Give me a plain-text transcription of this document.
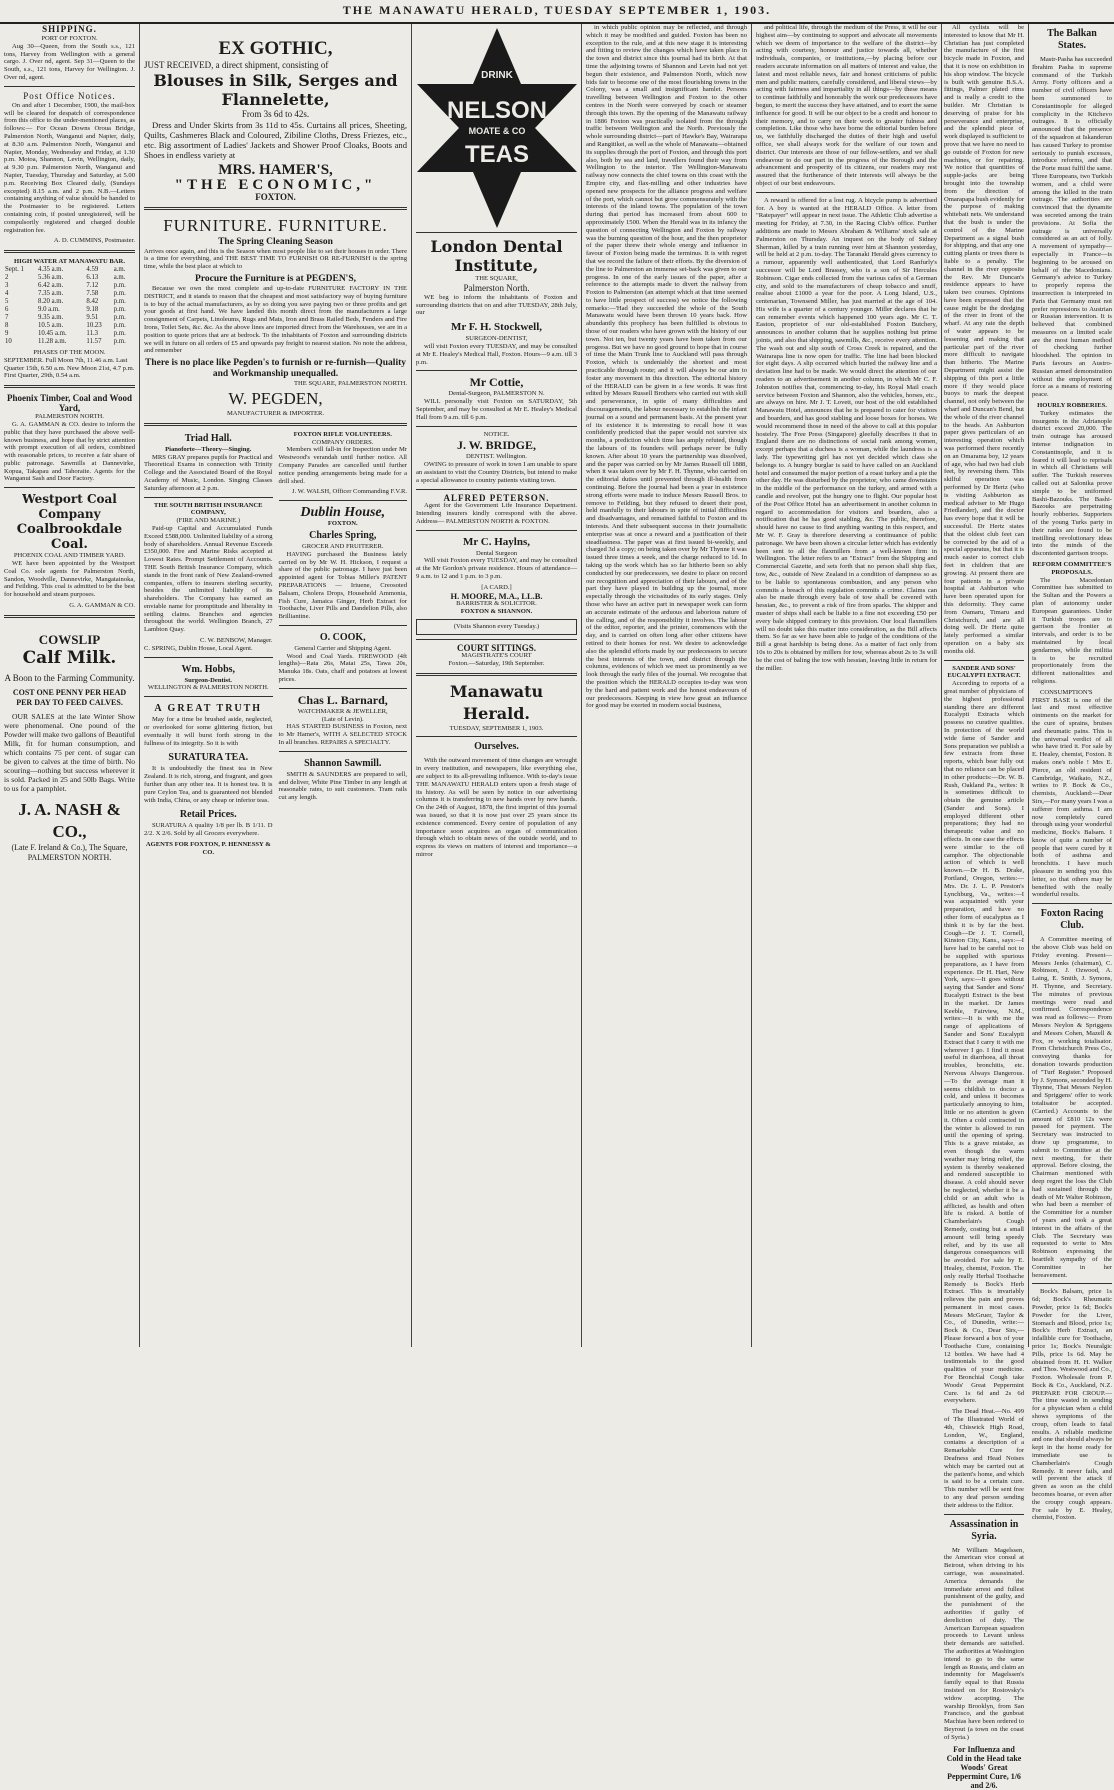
THE MANAWATU HERALD, TUESDAY SEPTEMBER 1, 1903.
SHIPPING.
PORT OF FOXTON.
Aug 30—Queen, from the South s.s., 121 tons, Harvey from Wellington with a general cargo. J. Over nd, agent. Sep 31—Queen to the South, s.s., 121 tons, Harvey for Wellington. J. Over nd, agent.
Post Office Notices.
On and after 1 December, 1900, the mail-box will be cleared for despatch of correspondence from this office to the under-mentioned places, as follows:— For Ocean Downs Oroua Bridge, Palmerston North, Wanganui and Napier, daily, at 8.30 a.m. Palmerston North, Wanganui and Napier, Monday, Wednesday and Friday, at 1.30 p.m. Motoa, Shannon, Levin, Wellington, daily, at 9.30 p.m. Palmerston North, Wanganui and Napier, Tuesday, Thursday and Saturday, at 5.00 p.m. Receiving Box Cleared daily, (Sundays excepted) 8.15 a.m. and 2 p.m. N.B.—Letters containing anything of value should be handed to the Postmaster to be registered. Letters containing coin, if posted unregistered, will be compulsorily registered and charged double registration fee.
A. D. CUMMINS, Postmaster.
HIGH WATER AT MANAWATU BAR.
Sept. 1	4.35 a.m.	4.59	a.m.
2	5.36 a.m.	6.13	a.m.
3	6.42 a.m.	7.12	p.m.
4	7.35 a.m.	7.58	p.m.
5	8.20 a.m.	8.42	p.m.
6	9.0 a.m.	9.18	p.m.
7	9.35 a.m.	9.51	p.m.
8	10.5 a.m.	10.23	p.m.
9	10.45 a.m.	11.3	p.m.
10	11.28 a.m.	11.57	p.m.
PHASES OF THE MOON.
SEPTEMBER. Full Moon 7th, 11.46 a.m. Last Quarter 15th, 6.50 a.m. New Moon 21st, 4.7 p.m. First Quarter, 29th, 0.54 a.m.
Phoenix Timber, Coal and Wood Yard,
PALMERSTON NORTH.
G. A. GAMMAN & CO. desire to inform the public that they have purchased the above well-known business, and hope that by strict attention with prompt execution of all orders, combined with reasonable prices, to receive a fair share of public patronage. Sawmills at Dannevirke, Kopua, Takapau and Tahoraite. Agents for the Wanganui Sash and Door Factory.
Westport Coal Company
Coalbrookdale Coal.
PHOENIX COAL AND TIMBER YARD.
WE have been appointed by the Westport Coal Co. sole agents for Palmerston North, Sandon, Woodville, Dannevirke, Mangatainoka, and Feilding. This coal is admitted to be the best for household and steam purposes.
G. A. GAMMAN & CO.
COWSLIP
Calf Milk.
A Boon to the Farming Community.
COST ONE PENNY PER HEAD PER DAY TO FEED CALVES.
OUR SALES at the late Winter Show were phenomenal. One pound of the Powder will make two gallons of Beautiful Milk, fit for human consumption, and which contains 75 per cent. of sugar can be given to calves at the time of birth. No scouring—nothing but success wherever it is sold. Packed in 25 and 50lb Bags. Write to us for a pamphlet.
J. A. NASH & CO.,
(Late F. Ireland & Co.), The Square, PALMERSTON NORTH.
EX GOTHIC,
JUST RECEIVED, a direct shipment, consisting of
Blouses in Silk, Serges and Flannelette,
From 3s 6d to 42s.
Dress and Under Skirts from 3s 11d to 45s. Curtains all prices, Sheeting, Quilts, Cashmeres Black and Coloured, Zibiline Cloths, Dress Friezes, etc., etc. Big assortment of Ladies' Jackets and Shower Proof Cloaks, Boots and Shoes in endless variety at
MRS. HAMER'S,
"THE ECONOMIC,"
FOXTON.
FURNITURE. FURNITURE.
The Spring Cleaning Season
Arrives once again, and this is the Season when most people like to set their houses in order. There is a time for everything, and THE BEST TIME TO FURNISH OR RE-FURNISH is the spring time, while the best place at which to
Procure the Furniture is at PEGDEN'S,
Because we own the most complete and up-to-date FURNITURE FACTORY IN THE DISTRICT, and it stands to reason that the cheapest and most satisfactory way of buying furniture is to buy of the actual manufacturers, as by so doing you save paying two or three profits and get your goods at first hand. We have landed this month direct from the manufacturers a large consignment of Carpets, Linoleums, Rugs and Mats, Iron and Brass Railed Beds, Fenders and Fire Irons, Toilet Sets, &c. &c. As the above lines are imported direct from the Warehouses, we are in a position to quote prices that are at bedrock. To the inhabitants of Foxton and surrounding districts we will in future on all orders of £5 and upwards pay freight to nearest station. No note the address, and remember
There is no place like Pegden's to furnish or re-furnish—Quality and Workmanship unequalled.
THE SQUARE, PALMERSTON NORTH.
W. PEGDEN,
MANUFACTURER & IMPORTER.
Triad Hall.
Pianoforte—Theory—Singing.
MRS GRAY prepares pupils for Practical and Theoretical Exams in connection with Trinity College and the Associated Board of the Royal Academy of Music, London. Singing Classes Saturday afternoon at 2 p.m.
THE SOUTH BRITISH INSURANCE COMPANY,
(FIRE AND MARINE.)
Paid-up Capital and Accumulated Funds Exceed £588,000. Unlimited liability of a strong body of shareholders. Annual Revenue Exceeds £350,000. Fire and Marine Risks accepted at Lowest Rates. Prompt Settlement of Accounts. THE South British Insurance Company, which stands in the front rank of New Zealand-owned companies, offers to insurers sterling security, besides the unlimited liability of its shareholders. The Company has earned an enviable name for promptitude and liberality in settling claims. Branches and agencies throughout the world. Wellington Branch, 27 Lambton Quay.
C. W. BENBOW, Manager.
C. SPRING, Dublin House, Local Agent.
Wm. Hobbs,
Surgeon-Dentist.
WELLINGTON & PALMERSTON NORTH.
A GREAT TRUTH
May for a time be brushed aside, neglected, or overlooked for some glittering fiction, but eventually it will burst forth strong in the fullness of its integrity. So it is with
SURATURA TEA.
It is undoubtedly the finest tea in New Zealand. It is rich, strong, and fragrant, and goes further than any other tea. It is honest tea. It is pure Ceylon Tea, and is guaranteed not blended with India, China, or any cheap or inferior teas.
Retail Prices.
SURATURA A quality 1/8 per lb. B 1/11. D 2/2. X 2/6. Sold by all Grocers everywhere.
AGENTS FOR FOXTON, P. HENNESSY & CO.
FOXTON RIFLE VOLUNTEERS.
COMPANY ORDERS.
Members will fall-in for Inspection under Mr Westwood's verandah until further notice. All Company Parades are cancelled until further notice pending arrangements being made for a drill shed.
J. W. WALSH, Officer Commanding F.V.R.
Dublin House,
FOXTON.
Charles Spring,
GROCER AND FRUITERER.
HAVING purchased the Business lately carried on by Mr W. H. Hickson, I request a share of the public patronage. I have just been appointed agent for Tobias Miller's PATENT PREPARATIONS — Iriuene, Creosoted Balsam, Cholera Drops, Household Ammonia, Fish Cure, Jamaica Ginger, Herb Extract for Toothache, Liver Pills and Dandelion Pills, also Brilliantine.
O. COOK,
General Carrier and Shipping Agent.
Wood and Coal Yards. FIREWOOD (4ft lengths)—Rata 26s, Matai 25s, Tawa 20s, Manuka 18s. Oats, chaff and potatoes at lowest prices.
Chas L. Barnard,
WATCHMAKER & JEWELLER,
(Late of Levin).
HAS STARTED BUSINESS in Foxton, next to Mr Hamer's, WITH A SELECTED STOCK In all branches. REPAIRS A SPECIALTY.
Shannon Sawmill.
SMITH & SAUNDERS are prepared to sell, and deliver, White Pine Timber in any length at reasonable rates, to suit customers. Tram rails cut any length.
DRINK
NELSON
MOATE & CO
TEAS
London Dental Institute,
THE SQUARE,
Palmerston North.
WE beg to inform the inhabitants of Foxton and surrounding districts that on and after TUESDAY, 28th July, our
Mr F. H. Stockwell,
SURGEON-DENTIST,
will visit Foxton every TUESDAY, and may be consulted at Mr E. Healey's Medical Hall, Foxton. Hours—9 a.m. till 3 p.m.
Mr Cottie,
Dental-Surgeon, PALMERSTON N.
WILL personally visit Foxton on SATURDAY, 5th September, and may be consulted at Mr E. Healey's Medical Hall from 9 a.m. till 6 p.m.
NOTICE.
J. W. BRIDGE,
DENTIST. Wellington.
OWING to pressure of work in town I am unable to spare an assistant to visit the Country Districts, but intend to make a special allowance to country patients visiting town.
ALFRED PETERSON.
Agent for the Government Life Insurance Department. Intending insurers kindly correspond with the above. Address— PALMERSTON NORTH & FOXTON.
Mr C. Haylns,
Dental Surgeon
Will visit Foxton every TUESDAY, and may be consulted at the Mr Gordon's private residence. Hours of attendance—9 a.m. to 12 and 1 p.m. to 3 p.m.
[A CARD.]
H. MOORE, M.A., LL.B.
BARRISTER & SOLICITOR.
FOXTON & SHANNON.
(Visits Shannon every Tuesday.)
COURT SITTINGS.
MAGISTRATE'S COURT
Foxton.—Saturday, 19th September.
Manawatu Herald.
TUESDAY, SEPTEMBER 1, 1903.
Ourselves.
With the outward movement of time changes are wrought in every institution, and newspapers, like everything else, are subject to its all-prevailing influence. With to-day's issue THE MANAWATU HERALD enters upon a fresh stage of its history. As will be seen by notice in our advertising columns it is transferring to new hands over by new hands. On the 24th of August, 1878, the first imprint of this journal was issued, so that it is now just over 25 years since its existence commenced. Every centre of population of any importance soon acquires an organ of communication through which to obtain news of the outside world, and to express its views on matters of interest and importance—a mirror
in which public opinion may be reflected, and through which it may be modified and guided. Foxton has been no exception to the rule, and at this new stage it is interesting and fitting to review the changes which have taken place in the town and district since this journal had its birth. At that time the adjoining towns of Shannon and Levin had not yet begun their existence, and Palmerston North, which now bids fair to become one of the most flourishing towns in the Colony, was a small and insignificant hamlet. Persons travelling between Wellington and Foxton to the other centres in the North were conveyed by coach or steamer through this town. By the opening of the Manawatu railway in 1886 Foxton was practically isolated from the through traffic between Wellington and the North. Previously the whole surrounding district—part of Hawke's Bay, Wairarapa and Rangitikei, as well as the whole of Manawatu—obtained its supplies through the port of Foxton, and through this port also, both by sea and land, travellers found their way from Wellington to the interior. The Wellington-Manawatu railway now connects the chief towns on this coast with the Empire city, and flax-milling and other industries have opened new prospects for the alliance progress and welfare of the port, which cannot but grow commensurately with the interests of the inland towns. The population of the town during that period has increased from about 600 to approximately 1500. When the Herald was in its infancy the question of connecting Wellington and Foxton by railway was the burning question of the hour, and the then proprietor of the paper threw their whole energy and influence in favour of Foxton being made the terminus. It is with regret that we record the failure of their efforts. By the diversion of the line to Palmerston an immense set-back was given to our progress. In one of the early issues of the paper, after a reference to the attempts made to divert the railway from Foxton to Palmerston (an attempt which at that time seemed to have little prospect of success) we notice the following remarks:—'Had they succeeded the whole of the South Manawatu would have been thrown 10 years back. How abundantly this prophecy has been fulfilled is obvious to those of our readers who have grown with the history of our town. Not ten, but twenty years have been taken from our progress. But we have no good ground to hope that in course of time the Main Trunk line to Auckland will pass through Foxton, which is undeniably the shortest and most practicable through route; and it will always be our aim to foster any movement in this direction. The editorial history of the HERALD can be given in a few words. It was first edited by Messrs Russell Brothers who carried out with skill and perseverance, in spite of many difficulties and discouragements, the labour necessary to establish the infant journal on a sound and permanent basis. At the present year of its existence it is interesting to recall how it was confidently predicted that the paper would not survive six months, a prediction which time has amply refuted, though the labours of its founders will perhaps never be fully known. After about 10 years the partnership was dissolved, and the paper was carried on by Mr James Russell till 1888, when it was taken over by Mr F. H. Thynne, who carried on the editorial duties until prevented through ill-health from continuing. Before the journal had been a year in existence strong efforts were made to induce Messrs Russell Bros. to remove to Feilding, but they refused to desert their post, held manfully to their labours in spite of initial difficulties and disadvantages, and remained faithful to Foxton and its interests. And their subsequent success in their journalistic enterprise was at once a reward and a justification of their steadfastness. The paper was at first issued bi-weekly, and charged 3d a copy; on being taken over by Mr Thynne it was issued three times a week, and the charge reduced to 1d. In taking up the work which has so far hitherto been so ably conducted by our predecessors, we desire to place on record our recognition and appreciation of their labours, and of the part they have played in building up the journal, more especially through the vicissitudes of its early stages. Only those who have an active part in newspaper work can form an accurate estimate of the arduous and laborious nature of the calling, and of the responsibility it involves. The labour of the editor, reporter, and the printer, commences with the day, and is carried on often long after other citizens have retired to their homes for rest. We desire to acknowledge also the splendid efforts made by our predecessors to secure the best interests of the town, and district through the columns, evidences of which we meet us prominently as we look through the early files of the journal. We recognise that the position which the HERALD occupies to-day was won by the hard and patient work and the honest endeavours of our predecessors. Keeping in view how great an influence for good may be exerted in modern social business,
and political life, through the medium of the Press, it will be our highest aim—by continuing to support and advocate all movements which we deem of importance to the welfare of the district—by acting with courtesy, honour and justice towards all, whether individuals, companies, or institutions,—by placing before our readers accurate information on all matters of interest and value, the latest and most reliable news, fair and honest criticisms of public men and public matters, carefully considered, and liberal views—by acting with fairness and impartiality in all things—by these means to continue faithfully and honorably the work our predecessors have begun, to merit the success they have attained, and to exert the same influence for good. It will be our object to be a credit and honour to their memory, and to carry on their work to greater fulness and completion. Like those who have borne the editorial burden before us, we faithfully discharged the duties of their high and useful office, we shall always work for the welfare of our town and district. Our interests are those of our fellow-settlers, and we shall endeavour to do our part in the progress of the Borough and the advancement and prosperity of its citizens, our readers may rest assured that the furtherance of their interests will always be the object of our best endeavours.
A reward is offered for a lost rug. A bicycle pump is advertised for. A boy is wanted at the HERALD Office. A letter from "Ratepayer" will appear in next issue. The Athletic Club advertise a meeting for Friday, at 7.30, in the Racing Club's office. Further additions are made to Messrs Abraham & Williams' stock sale at Palmerston on Thursday. An inquest on the body of Sidney Sherman, killed by a train running over him at Shannon yesterday, will be held at 2 p.m. to-day. The Taranaki Herald gives currency to a rumour, apparently well authenticated, that Lord Ranfurly's successor will be Lord Brassey, who is a son of Sir Hercules Robinson. Cigar ends collected from the various cafes of a German city, and sold to the manufacturers of cheap tobacco and snuff, realise about £1000 a year for the poor. A Long Island, U.S., centenarian, Townsend Miller, has just married at the age of 104. His wife is a quarter of a century younger. Miller declares that he can remember events which happened 100 years ago. Mr C. T. Easton, proprietor of our old-established Foxton Butchery, announces in another column that he supplies nothing but prime joints, and also that shipping, sawmills, &c., receive every attention. The wash out and slip south of Cross Creek is repaired, and the Wairarapa line is now open for traffic. The line had been blocked for eight days. A slip occurred which buried the railway line and a deviation line had to be made. We would direct the attention of our readers to an advertisement in another column, in which Mr C. F. Johnston notifies that, commencing to-day, his Royal Mail coach service between Foxton and Shannon, also the vehicles, horses, etc., are always on hire. Mr J. T. Lovett, our host of the old established Manawatu Hotel, announces that he is prepared to cater for visitors and boarders, and has good stabling and loose boxes for horses. We would recommend those in need of the above to call at this popular hostelry. The Free Press (Singapore) gleefully describes it that in England there are no distinctions of social rank among women, except perhaps that a duchess is a woman, while the laundress is a lady. The typewriting girl has not yet decided which class she belongs to. A hungry burglar is said to have called on an Auckland hotel and consumed the major portion of a roast turkey and a pie the other day. He was disturbed by the proprietor, who came downstairs in the middle of the performance on the turkey, and armed with a candle and revolver, put the hungry one to flight. Our popular host of the Post Office Hotel has an advertisement in another column in regard to accommodation for visitors and boarders, also a notification that he has good stabling, &c. The public, therefore, should have no cause to find anything wanting in this respect, and Mr W. F. Gray is therefore deserving a continuance of public patronage. We have been shown a circular letter which has evidently been sent to all the flaxmillers from a well-known firm in Wellington. The letter refers to an "Extract" from the Shipping and Commercial Gazette, and sets forth that no person shall ship flax, tow, &c., outside of New Zealand in a condition of dampness so as to be liable to spontaneous combustion, and any person who commits a breach of this regulation commits a crime. Claims can also be made through every bale of tow shall be covered with hessian, &c., to prevent a risk of fire from sparks. The shipper and master of ships shall each be liable to a fine not exceeding £50 per every bale shipped contrary to this provision. Our local flaxmillers will no doubt take this matter into consideration, as the Bill affects them. So far as we have been able to judge of the conditions of the Bill a great hardship is being done. As a matter of fact only from 10s to 20s is obtained by millers for tow, whereas about 2s to 3s will be the cost of baling the tow with hessian, leaving little in return for the miller.
All cyclists will be interested to know that Mr H. Christian has just completed the manufacture of the first bicycle made in Foxton, and that it is now on exhibition in his shop window. The bicycle is built with genuine B.S.A. fittings, Palmer plated rims and is really a credit to the builder. Mr Christian is deserving of praise for his perseverance and enterprise, and the splendid piece of work displayed is sufficient to prove that we have no need to go outside of Foxton for new machines, or for repairing. We notice that quantities of supple-jacks are being brought into the township from the direction of Omarapapa bush evidently for the purpose of making whitebait nets. We understand that the bush is under the control of the Marine Department as a signal bush for shipping, and that any one cutting plants or trees there is liable to a penalty. The channel in the river opposite the Rev. Mr Duncan's residence appears to have taken two courses. Opinions have been expressed that the cause might be the dredging of the river in front of the wharf. At any rate the depth of water appears to be lessening and making that particular part of the river more difficult to navigate than hitherto. The Marine Department might assist the shipping of this port a little more if they would place buoys to mark the deepest channel, not only between the wharf and Duncan's Bend, but the whole of the river channel to the heads. An Ashburton paper gives particulars of an interesting operation which was performed there recently on an Omarama boy, 12 years of age, who had two bad club feet, by reversing them. This skilful operation was performed by Dr Hertz (who is visiting Ashburton as medical adviser to Mr Hugo Friedlander), and the doctor has every hope that it will be successful. Dr Hertz states that the oldest club feet can be corrected by the aid of a special apparatus, but that it is much easier to correct club feet in children that are growing. At present there are four patients in a private hospital at Ashburton who have been operated upon for this deformity. They came from Oamaru, Timaru and Christchurch, and are all doing well. Dr Hertz quite lately performed a similar operation on a baby six months old.
SANDER AND SONS' EUCALYPTI EXTRACT.
According to reports of a great number of physicians of the highest professional standing there are different Eucalypti Extracts which possess no curative qualities. In protection of the world wide fame of Sander and Sons preparation we publish a few extracts from these reports, which bear fully out that no reliance can be placed in other products:—Dr. W. B. Rush, Oakland Pa., writes: It is sometimes difficult to obtain the genuine article (Sander and Sons). I employed different other preparations; they had no therapeutic value and no effects. In one case the effects were similar to the oil camphor. The objectionable action of which is well known.—Dr H. B. Drake, Portland, Oregon, writes:—Mrs. Dr. J. L. P. Preston's Lynchburg, Va., writes:—I was acquainted with your preparation, and have no other form of eucalyptus as I think it is by far the best. Cough—Dr J. T. Cornell, Kinston City, Kans., says:—I have had to be careful not to be supplied with spurious preparations, as I have from experience. Dr H. Hart, New York, says:—It goes without saying that Sander and Sons' Eucalypti Extract is the best in the market. Dr James Keeble, Fairview, N.M., writes:—It is with me the range of applications of Sander and Sons' Eucalypti Extract that I carry it with me wherever I go. I find it most useful in diarrhoea, all throat troubles, bronchitis, etc. Nervous Always Dangerous.—To the average man it seems childish to doctor a cold, and unless it becomes particularly annoying to him, little or no attention is given it. Often a cold contracted in the winter is allowed to run until the opening of spring. This is a grave mistake, as even though the warm weather may bring relief, the system is thereby weakened and rendered susceptible to disease. A cold should never be neglected, whether it be a child or an adult who is afflicted, as health and often life is risked. A bottle of Chamberlain's Cough Remedy, costing but a small amount will bring speedy relief, and by its use all dangerous consequences will be avoided. For sale by E. Healey, chemist, Foxton. The only really Herbal Toothache Remedy is Bock's Herb Extract. This is invariably relieves the pain and proves permanent in most cases. Messrs McGruer, Taylor & Co., of Dunedin, write:—Bock & Co., Dear Sirs,—Please forward a box of your Toothache Cure, containing 12 bottles. We have had 4 testimonials to the good qualities of your medicine. For Bronchial Cough take Woods' Great Peppermint Cure. 1s 6d and 2s 6d everywhere.
The Dead Heat.—No. 499 of The Illustrated World of 4th, Chiswick High Road, London, W., England, contains a description of a Remarkable Cure for Deafness and Head Noises which may be carried out at the patient's home, and which is said to be a certain cure. This number will be sent free to any deaf person sending their address to the Editor.
Assassination in Syria.
Mr William Magelssen, the American vice consul at Beirout, when driving in his carriage, was assassinated. America demands the immediate arrest and fullest punishment of the guilty, and the punishment of the authorities if guilty of dereliction of duty. The American European squadron proceeds to Levant unless their demands are satisfied. The authorities at Washington intend to go to the same length as Russia, and claim an indemnity for Magelssen's family equal to that Russia insisted on for Rostovsky's widow accepting. The warship Brooklyn, from San Francisco, and the gunboat Machias have been ordered to Beyrout (a town on the coast of Syria.)
For Influenza and Cold in the Head take Woods' Great Peppermint Cure, 1/6 and 2/6.
The Balkan States.
Mastr-Pasha has succeeded Ibrahim Pasha in supreme command of the Turkish Army. Forty officers and a number of civil officers have been summoned to Constantinople for alleged complicity in the Kitchevo outrages. It is officially announced that the presence of the squadron at Iskanderun has caused Turkey to promise seriously to punish excesses, introduce reforms, and that the Porte must fulfil the same. Three Europeans, two Turkish women, and a child were among the killed in the train outrage. The authorities are convinced that the dynamite was secreted among the train provisions. At Sofia the outrage is universally considered as an act of folly. A movement of sympathy—especially in France—is beginning to be aroused on behalf of the Macedonians. Germany's advice to Turkey to properly repress the insurrection is interpreted in Paris that Germany must not prefer repressions to Austrian or Russian intervention. It is believed that combined measures on a limited scale are the most human method of checking further bloodshed. The opinion in Paris favours an Austro-Russian armed demonstration without the employment of force as a means of restoring peace.
HOURLY ROBBERIES.
Turkey estimates the insurgents in the Adrianople district exceed 20,000. The train outrage has aroused intense indignation in Constantinople, and it is feared it will lead to reprisals in which all Christians will suffer. The Turkish reserves called out at Salonika prove simple to be uniformed Bashi-Bazouks. The Bashi-Bazouks are perpetrating hourly robberies. Supporters of the young Turks party in their ranks are found to be instilling revolutionary ideas into the minds of the discontented garrison troops.
REFORM COMMITTEE'S PROPOSALS.
The Macedonian Committee has submitted to the Sultan and the Powers a plan of autonomy under European guarantees. Under it Turkish troops are to garrison the frontier at intervals, and order is to be maintained by local gendarmes, while the militia is to be recruited proportionately from the different nationalities and religions.
CONSUMPTION'S FIRST BASE is one of the last and most effective ointments on the market for the cure of sprains, bruises and rheumatic pains. This is the universal verdict of all who have tried it. For sale by E. Healey, chemist, Foxton. It makes one's noble ! Mrs E. Pierce, an old resident of Cambridge, Waikato, N.Z., writes to P. Bock & Co., chemists, Auckland:—Dear Sirs,—For many years I was a sufferer from asthma. I am now completely cured through using your wonderful medicine, Bock's Balsam. I know of quite a number of people that were cured by it both of asthma and bronchitis. I have much pleasure in sending you this letter, so that others may be benefited with the really wonderful results.
Foxton Racing Club.
A Committee meeting of the above Club was held on Friday evening. Present—Messrs Jenks (chairman), C. Robinson, J. Ozwood, A. Laing, E. Smith, J. Symons, H. Thynne, and Secretary. The minutes of previous meetings were read and confirmed. Correspondence was read as follows:— From Messrs Neylon & Spriggens and Messrs Cohen, Mazell & Fox, re working totalisator. From Christchurch Press Co., conveying thanks for donation towards production of "Turf Register." Proposed by J. Symons, seconded by H. Thynne, That Messrs Neylon and Spriggens' offer to work totalisator be accepted. (Carried.) Accounts to the amount of £810 12s were passed for payment. The Secretary was instructed to draw up programme, to submit to Committee at the next meeting, for their approval. Before closing, the Chairman mentioned with deep regret the loss the Club had sustained through the death of Mr Walter Robinson, who had been a member of the Committee for a number of years and took a great interest in the affairs of the Club. The Secretary was requested to write to Mrs Robinson expressing the heartfelt sympathy of the Committee in her bereavement.
Bock's Balsam, price 1s 6d; Bock's Rheumatic Powder, price 1s 6d; Bock's Powder for the Liver, Stomach and Blood, price 1s; Bock's Herb Extract, an infallible cure for Toothache, price 1s; Bock's Neuralgic Pills, price 1s 6d. May be obtained from H. H. Walker and Thos. Westwood and Co., Foxton. Wholesale from P. Bock & Co., Auckland, N.Z. PREPARE FOR CROUP.—The time wasted in sending for a physician when a child shows symptoms of the croup, often leads to fatal results. A reliable medicine and one that should always be kept in the home ready for immediate use is Chamberlain's Cough Remedy. It never fails, and will prevent the attack if given as soon as the child becomes hoarse, or even after the croupy cough appears. For sale by E. Healey, chemist, Foxton.
